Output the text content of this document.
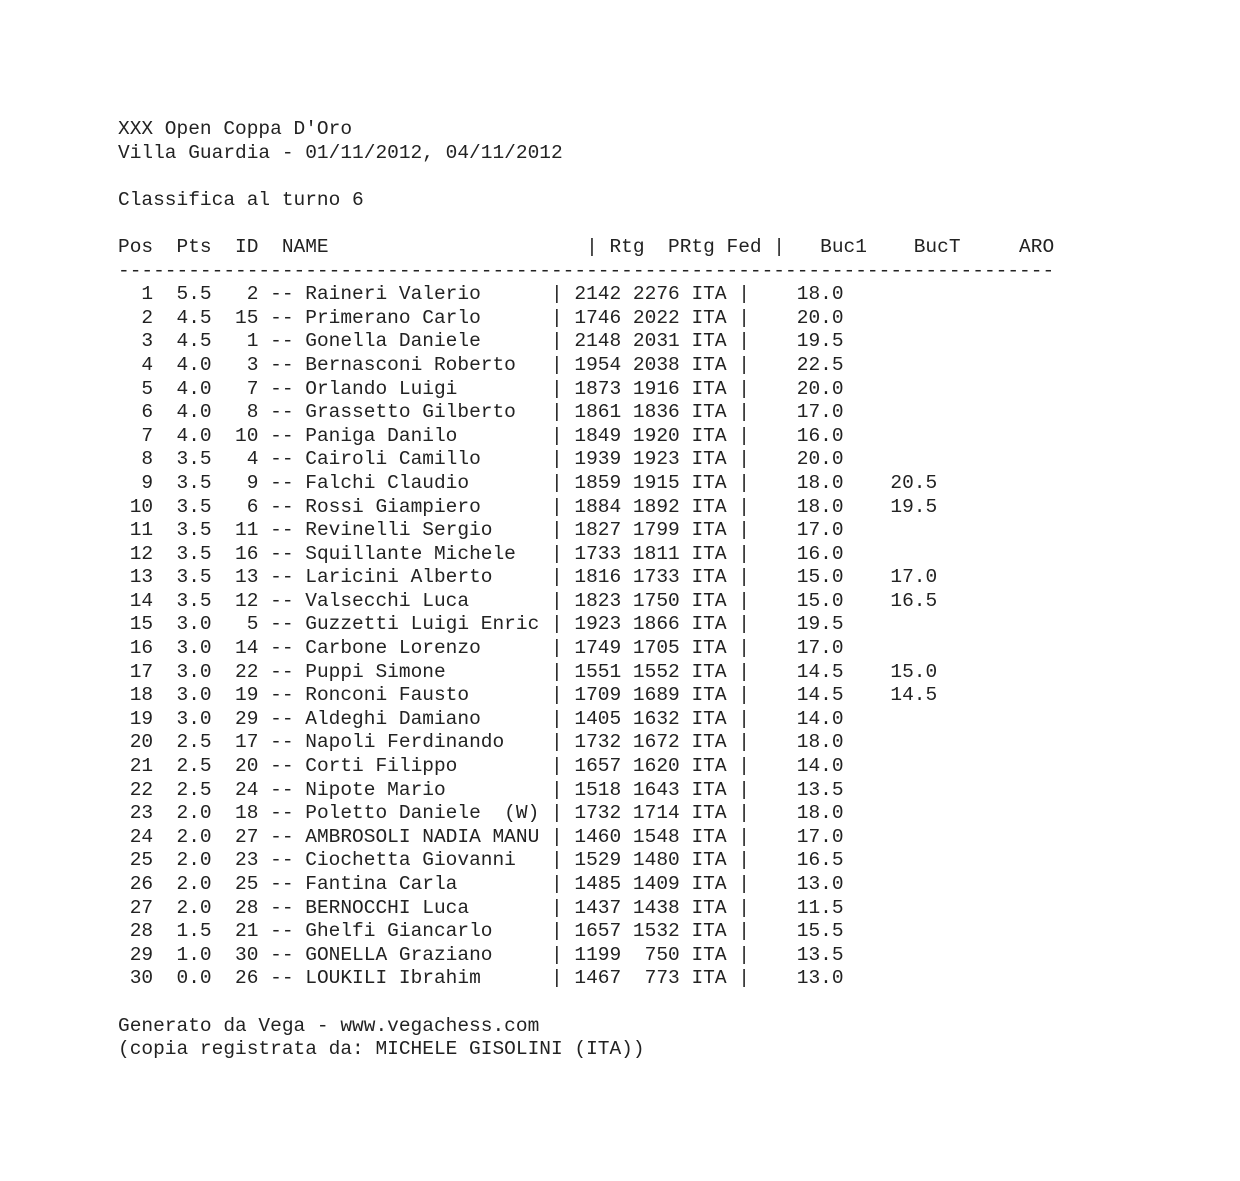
XXX Open Coppa D'Oro
Villa Guardia - 01/11/2012, 04/11/2012
Classifica al turno 6
Pos  Pts  ID  NAME                      | Rtg  PRtg Fed |   Buc1    BucT     ARO
--------------------------------------------------------------------------------
1 5.5   2 -- Raineri Valerio      | 2142 2276 ITA |    18.0
2 4.5 15 -- Primerano Carlo      | 1746 2022 ITA |    20.0
3 4.5   1 -- Gonella Daniele      | 2148 2031 ITA |    19.5
4 4.0   3 -- Bernasconi Roberto   | 1954 2038 ITA |    22.5
5 4.0   7 -- Orlando Luigi        | 1873 1916 ITA |    20.0
6 4.0   8 -- Grassetto Gilberto   | 1861 1836 ITA |    17.0
7 4.0 10 -- Paniga Danilo        | 1849 1920 ITA |    16.0
8 3.5   4 -- Cairoli Camillo      | 1939 1923 ITA |    20.0
9 3.5   9 -- Falchi Claudio       | 1859 1915 ITA |    18.0 20.5
10 3.5   6 -- Rossi Giampiero      | 1884 1892 ITA |    18.0 19.5
11 3.5 11 -- Revinelli Sergio     | 1827 1799 ITA |    17.0
12 3.5 16 -- Squillante Michele   | 1733 1811 ITA |    16.0
13 3.5 13 -- Laricini Alberto     | 1816 1733 ITA |    15.0 17.0
14 3.5 12 -- Valsecchi Luca       | 1823 1750 ITA |    15.0 16.5
15 3.0   5 -- Guzzetti Luigi Enric | 1923 1866 ITA |    19.5
16 3.0 14 -- Carbone Lorenzo      | 1749 1705 ITA |    17.0
17 3.0 22 -- Puppi Simone         | 1551 1552 ITA |    14.5 15.0
18 3.0 19 -- Ronconi Fausto       | 1709 1689 ITA |    14.5 14.5
19 3.0 29 -- Aldeghi Damiano      | 1405 1632 ITA |    14.0
20 2.5 17 -- Napoli Ferdinando    | 1732 1672 ITA |    18.0
21 2.5 20 -- Corti Filippo        | 1657 1620 ITA |    14.0
22 2.5 24 -- Nipote Mario         | 1518 1643 ITA |    13.5
23 2.0 18 -- Poletto Daniele  (W) | 1732 1714 ITA |    18.0
24 2.0 27 -- AMBROSOLI NADIA MANU | 1460 1548 ITA |    17.0
25 2.0 23 -- Ciochetta Giovanni   | 1529 1480 ITA |    16.5
26 2.0 25 -- Fantina Carla        | 1485 1409 ITA |    13.0
27 2.0 28 -- BERNOCCHI Luca       | 1437 1438 ITA |    11.5
28 1.5 21 -- Ghelfi Giancarlo     | 1657 1532 ITA |    15.5
29 1.0 30 -- GONELLA Graziano     | 1199  750 ITA |    13.5
30 0.0 26 -- LOUKILI Ibrahim      | 1467  773 ITA |    13.0
Generato da Vega - www.vegachess.com
(copia registrata da: MICHELE GISOLINI (ITA))
